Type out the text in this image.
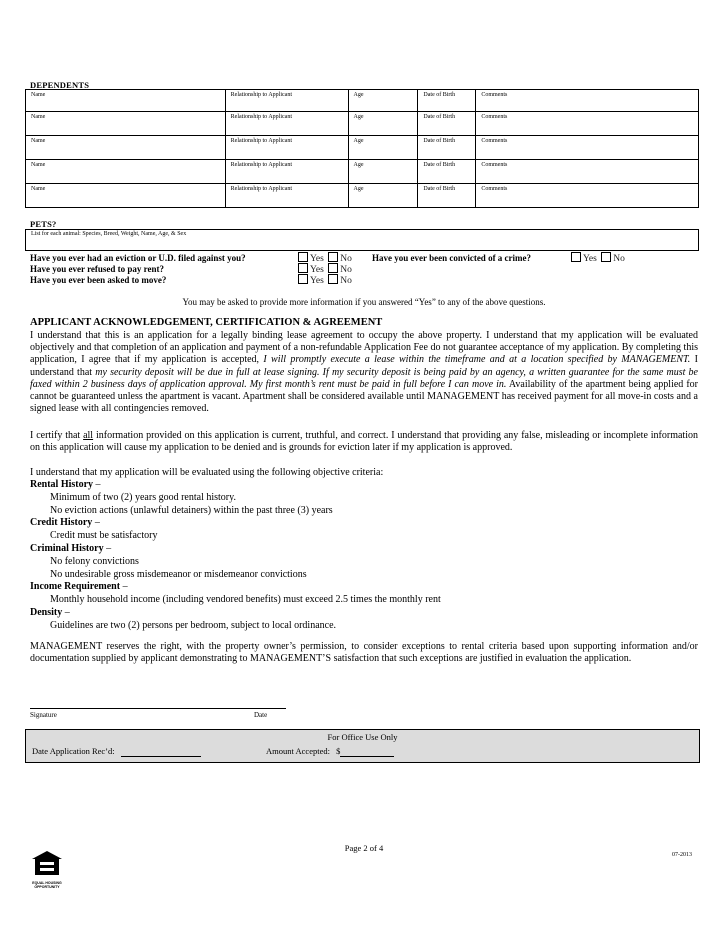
DEPENDENTS
Name	Relationship to Applicant	Age	Date of Birth	Comments
Name	Relationship to Applicant	Age	Date of Birth	Comments
Name	Relationship to Applicant	Age	Date of Birth	Comments
Name	Relationship to Applicant	Age	Date of Birth	Comments
Name	Relationship to Applicant	Age	Date of Birth	Comments
PETS?
List for each animal: Species, Breed, Weight, Name, Age, & Sex
Have you ever had an eviction or U.D. filed against you?	Yes No Have you ever been convicted of a crime?	Yes No
Have you ever refused to pay rent?	Yes No
Have you ever been asked to move?	Yes No
You may be asked to provide more information if you answered “Yes” to any of the above questions.
APPLICANT ACKNOWLEDGEMENT, CERTIFICATION & AGREEMENT
I understand that this is an application for a legally binding lease agreement to occupy the above property. I understand that my application will be evaluated objectively and that completion of an application and payment of a non-refundable Application Fee do not guarantee acceptance of my application. By completing this application, I agree that if my application is accepted, I will promptly execute a lease within the timeframe and at a location specified by MANAGEMENT. I understand that my security deposit will be due in full at lease signing. If my security deposit is being paid by an agency, a written guarantee for the same must be faxed within 2 business days of application approval. My first month’s rent must be paid in full before I can move in. Availability of the apartment being applied for cannot be guaranteed unless the apartment is vacant. Apartment shall be considered available until MANAGEMENT has received payment for all move-in costs and a signed lease with all contingencies removed.
I certify that all information provided on this application is current, truthful, and correct. I understand that providing any false, misleading or incomplete information on this application will cause my application to be denied and is grounds for eviction later if my application is approved.
I understand that my application will be evaluated using the following objective criteria:
Rental History –
Minimum of two (2) years good rental history.
No eviction actions (unlawful detainers) within the past three (3) years
Credit History –
Credit must be satisfactory
Criminal History –
No felony convictions
No undesirable gross misdemeanor or misdemeanor convictions
Income Requirement –
Monthly household income (including vendored benefits) must exceed 2.5 times the monthly rent
Density –
Guidelines are two (2) persons per bedroom, subject to local ordinance.
MANAGEMENT reserves the right, with the property owner’s permission, to consider exceptions to rental criteria based upon supporting information and/or documentation supplied by applicant demonstrating to MANAGEMENT’S satisfaction that such exceptions are justified in evaluation the application.
Signature	Date
For Office Use Only
Date Application Rec’d:	Amount Accepted: $
EQUAL HOUSING OPPORTUNITY
Page 2 of 4
07-2013
